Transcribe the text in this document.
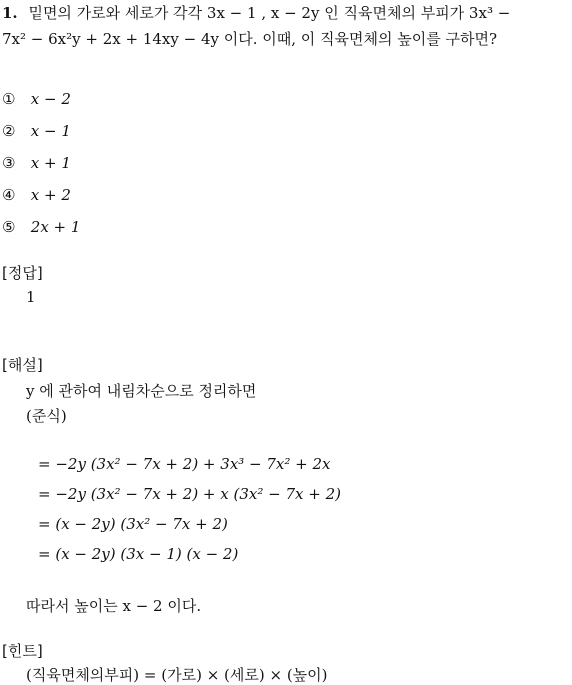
1. 밑면의 가로와 세로가 각각 3x − 1 , x − 2y 인 직육면체의 부피가 3x³ −
7x² − 6x²y + 2x + 14xy − 4y 이다. 이때, 이 직육면체의 높이를 구하면?
① x − 2
② x − 1
③ x + 1
④ x + 2
⑤ 2x + 1
[정답]
1
[해설]
y 에 관하여 내림차순으로 정리하면
(준식)
= −2y (3x² − 7x + 2) + 3x³ − 7x² + 2x
= −2y (3x² − 7x + 2) + x (3x² − 7x + 2)
= (x − 2y) (3x² − 7x + 2)
= (x − 2y) (3x − 1) (x − 2)
따라서 높이는 x − 2 이다.
[힌트]
(직육면체의부피) = (가로) × (세로) × (높이)
